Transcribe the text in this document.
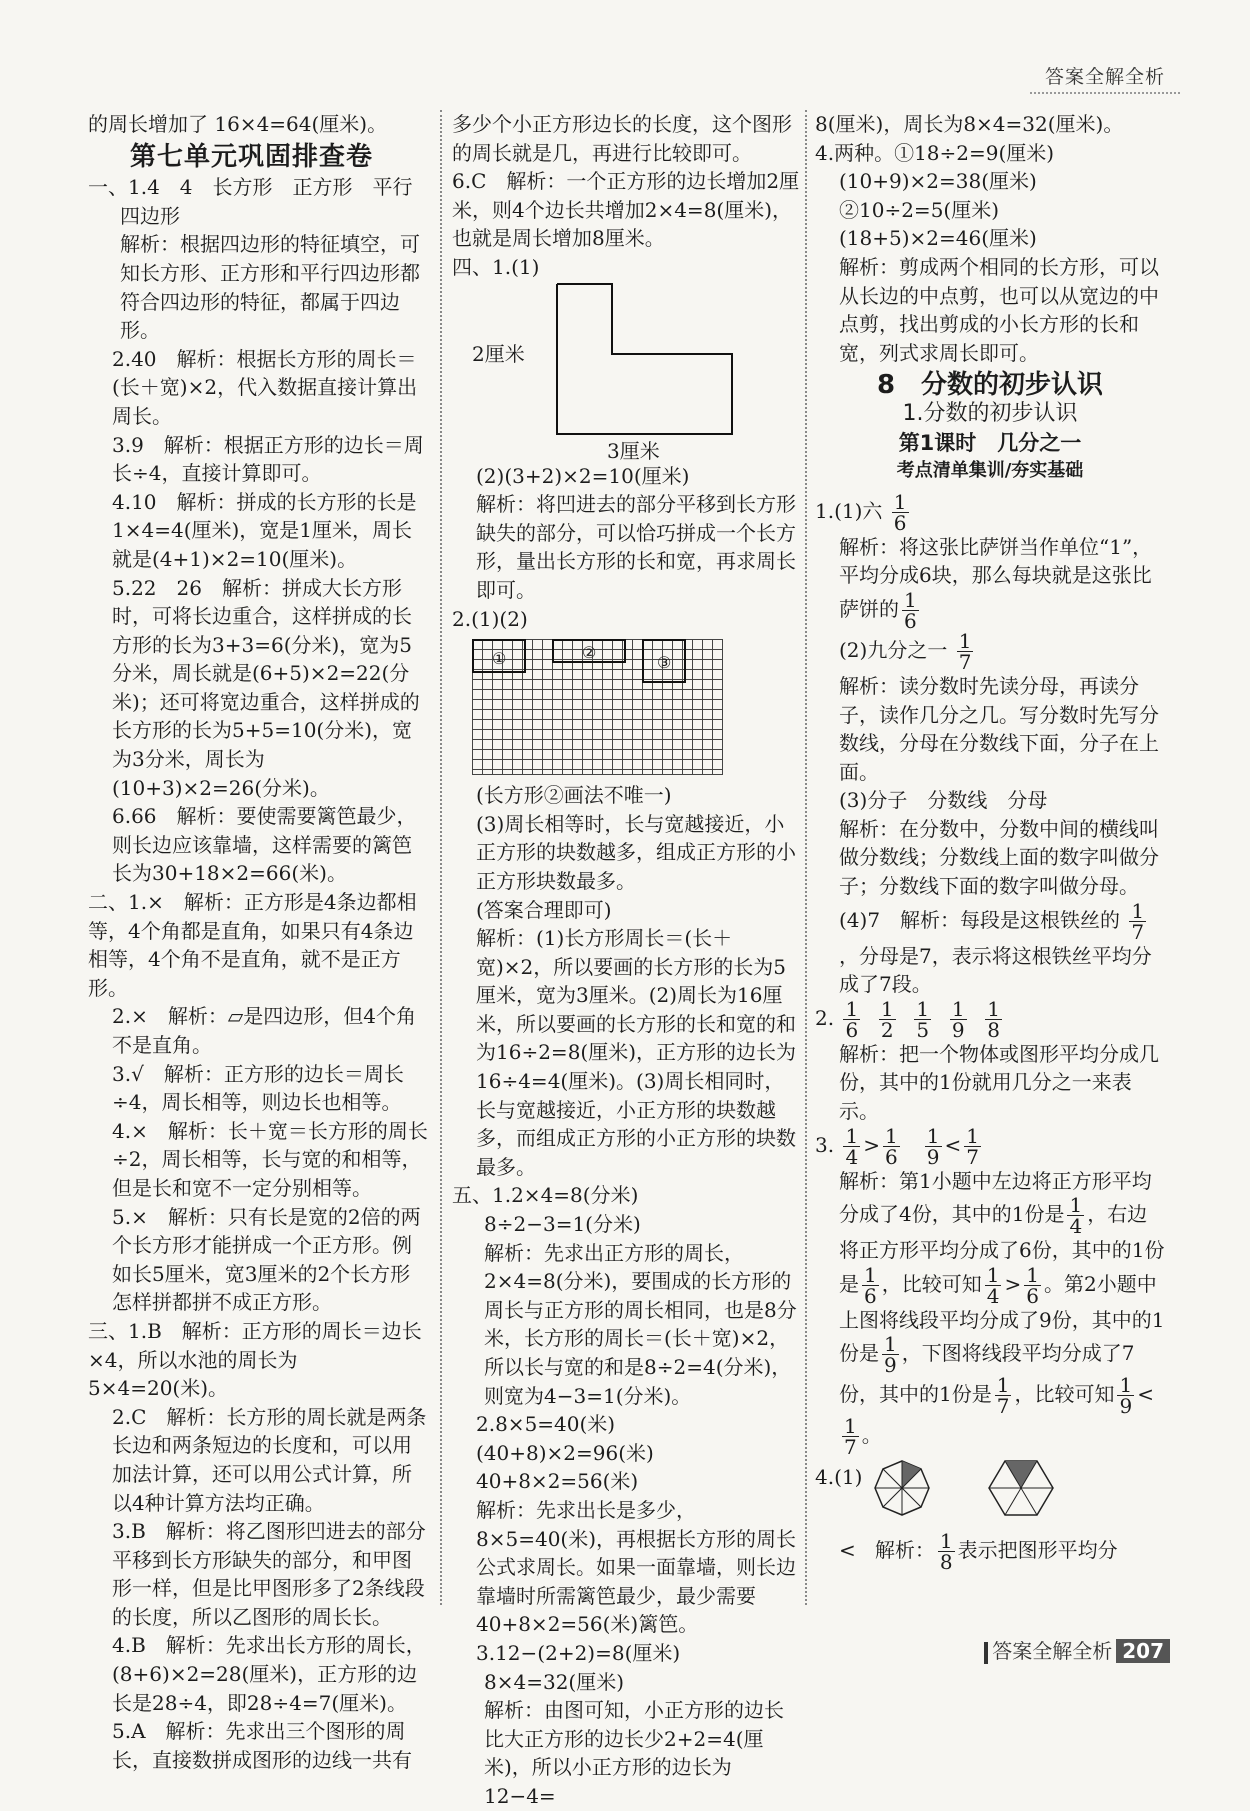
答案全解全析

的周长增加了 16×4=64(厘米)。

第七单元巩固排查卷

一、1.4　4　长方形　正方形　平行

四边形

解析：根据四边形的特征填空，可知长方形、正方形和平行四边形都符合四边形的特征，都属于四边形。

2.40　解析：根据长方形的周长＝(长＋宽)×2，代入数据直接计算出周长。

3.9　解析：根据正方形的边长＝周长÷4，直接计算即可。

4.10　解析：拼成的长方形的长是1×4=4(厘米)，宽是1厘米，周长就是(4+1)×2=10(厘米)。

5.22　26　解析：拼成大长方形时，可将长边重合，这样拼成的长方形的长为3+3=6(分米)，宽为5分米，周长就是(6+5)×2=22(分米)；还可将宽边重合，这样拼成的长方形的长为5+5=10(分米)，宽为3分米，周长为(10+3)×2=26(分米)。

6.66　解析：要使需要篱笆最少，则长边应该靠墙，这样需要的篱笆长为30+18×2=66(米)。

二、1.×　解析：正方形是4条边都相等，4个角都是直角，如果只有4条边相等，4个角不是直角，就不是正方形。

2.×　解析：▱是四边形，但4个角不是直角。

3.√　解析：正方形的边长＝周长÷4，周长相等，则边长也相等。

4.×　解析：长＋宽＝长方形的周长÷2，周长相等，长与宽的和相等，但是长和宽不一定分别相等。

5.×　解析：只有长是宽的2倍的两个长方形才能拼成一个正方形。例如长5厘米，宽3厘米的2个长方形怎样拼都拼不成正方形。

三、1.B　解析：正方形的周长＝边长×4，所以水池的周长为5×4=20(米)。

2.C　解析：长方形的周长就是两条长边和两条短边的长度和，可以用加法计算，还可以用公式计算，所以4种计算方法均正确。

3.B　解析：将乙图形凹进去的部分平移到长方形缺失的部分，和甲图形一样，但是比甲图形多了2条线段的长度，所以乙图形的周长长。

4.B　解析：先求出长方形的周长，(8+6)×2=28(厘米)，正方形的边长是28÷4，即28÷4=7(厘米)。

5.A　解析：先求出三个图形的周长，直接数拼成图形的边线一共有

多少个小正方形边长的长度，这个图形的周长就是几，再进行比较即可。

6.C　解析：一个正方形的边长增加2厘米，则4个边长共增加2×4=8(厘米)，也就是周长增加8厘米。

四、1.(1)

2厘米
3厘米

(2)(3+2)×2=10(厘米)

解析：将凹进去的部分平移到长方形缺失的部分，可以恰巧拼成一个长方形，量出长方形的长和宽，再求周长即可。

2.(1)(2)

①	②
③

(长方形②画法不唯一)

(3)周长相等时，长与宽越接近，小正方形的块数越多，组成正方形的小正方形块数最多。

(答案合理即可)

解析：(1)长方形周长＝(长＋宽)×2，所以要画的长方形的长为5厘米，宽为3厘米。(2)周长为16厘米，所以要画的长方形的长和宽的和为16÷2=8(厘米)，正方形的边长为16÷4=4(厘米)。(3)周长相同时，长与宽越接近，小正方形的块数越多，而组成正方形的小正方形的块数最多。

五、1.2×4=8(分米)

8÷2−3=1(分米)

解析：先求出正方形的周长，2×4=8(分米)，要围成的长方形的周长与正方形的周长相同，也是8分米，长方形的周长＝(长＋宽)×2，所以长与宽的和是8÷2=4(分米)，则宽为4−3=1(分米)。

2.8×5=40(米)　(40+8)×2=96(米)　40+8×2=56(米)

解析：先求出长是多少，8×5=40(米)，再根据长方形的周长公式求周长。如果一面靠墙，则长边靠墙时所需篱笆最少，最少需要40+8×2=56(米)篱笆。

3.12−(2+2)=8(厘米)

8×4=32(厘米)

解析：由图可知，小正方形的边长比大正方形的边长少2+2=4(厘米)，所以小正方形的边长为12−4=

8(厘米)，周长为8×4=32(厘米)。

4.两种。①18÷2=9(厘米)

(10+9)×2=38(厘米)

②10÷2=5(厘米)

(18+5)×2=46(厘米)

解析：剪成两个相同的长方形，可以从长边的中点剪，也可以从宽边的中点剪，找出剪成的小长方形的长和宽，列式求周长即可。

8　分数的初步认识
1.分数的初步认识
第1课时　几分之一
考点清单集训/夯实基础

1.(1)六 $\frac{1}{6}$

解析：将这张比萨饼当作单位“1”，平均分成6块，那么每块就是这张比萨饼的 $\frac{1}{6}$

(2)九分之一 $\frac{1}{7}$

解析：读分数时先读分母，再读分子，读作几分之几。写分数时先写分数线，分母在分数线下面，分子在上面。

(3)分子　分数线　分母

解析：在分数中，分数中间的横线叫做分数线；分数线上面的数字叫做分子；分数线下面的数字叫做分母。

(4)7　解析：每段是这根铁丝的 $\frac{1}{7}$
，分母是7，表示将这根铁丝平均分成了7段。

2. $\frac{1}{6}$
$\frac{1}{2}$
$\frac{1}{5}$
$\frac{1}{9}$
$\frac{1}{8}$

解析：把一个物体或图形平均分成几份，其中的1份就用几分之一来表示。

3. $\frac{1}{4} > \frac{1}{6}$
$\frac{1}{9} < \frac{1}{7}$

解析：第1小题中左边将正方形平均分成了4份，其中的1份是 $\frac{1}{4}$ ，右边将正方形平均分成了6份，其中的1份是 $\frac{1}{6}$ ，比较可知 $\frac{1}{4} > \frac{1}{6}$ 。第2小题中上图将线段平均分成了9份，其中的1份是 $\frac{1}{9}$ ，下图将线段平均分成了7份，其中的1份是 $\frac{1}{7}$ ，比较可知 $\frac{1}{9}$ <
$\frac{1}{7}$ 。

4.(1)

< 解析： $\frac{1}{8}$ 表示把图形平均分

答案全解全析 207
